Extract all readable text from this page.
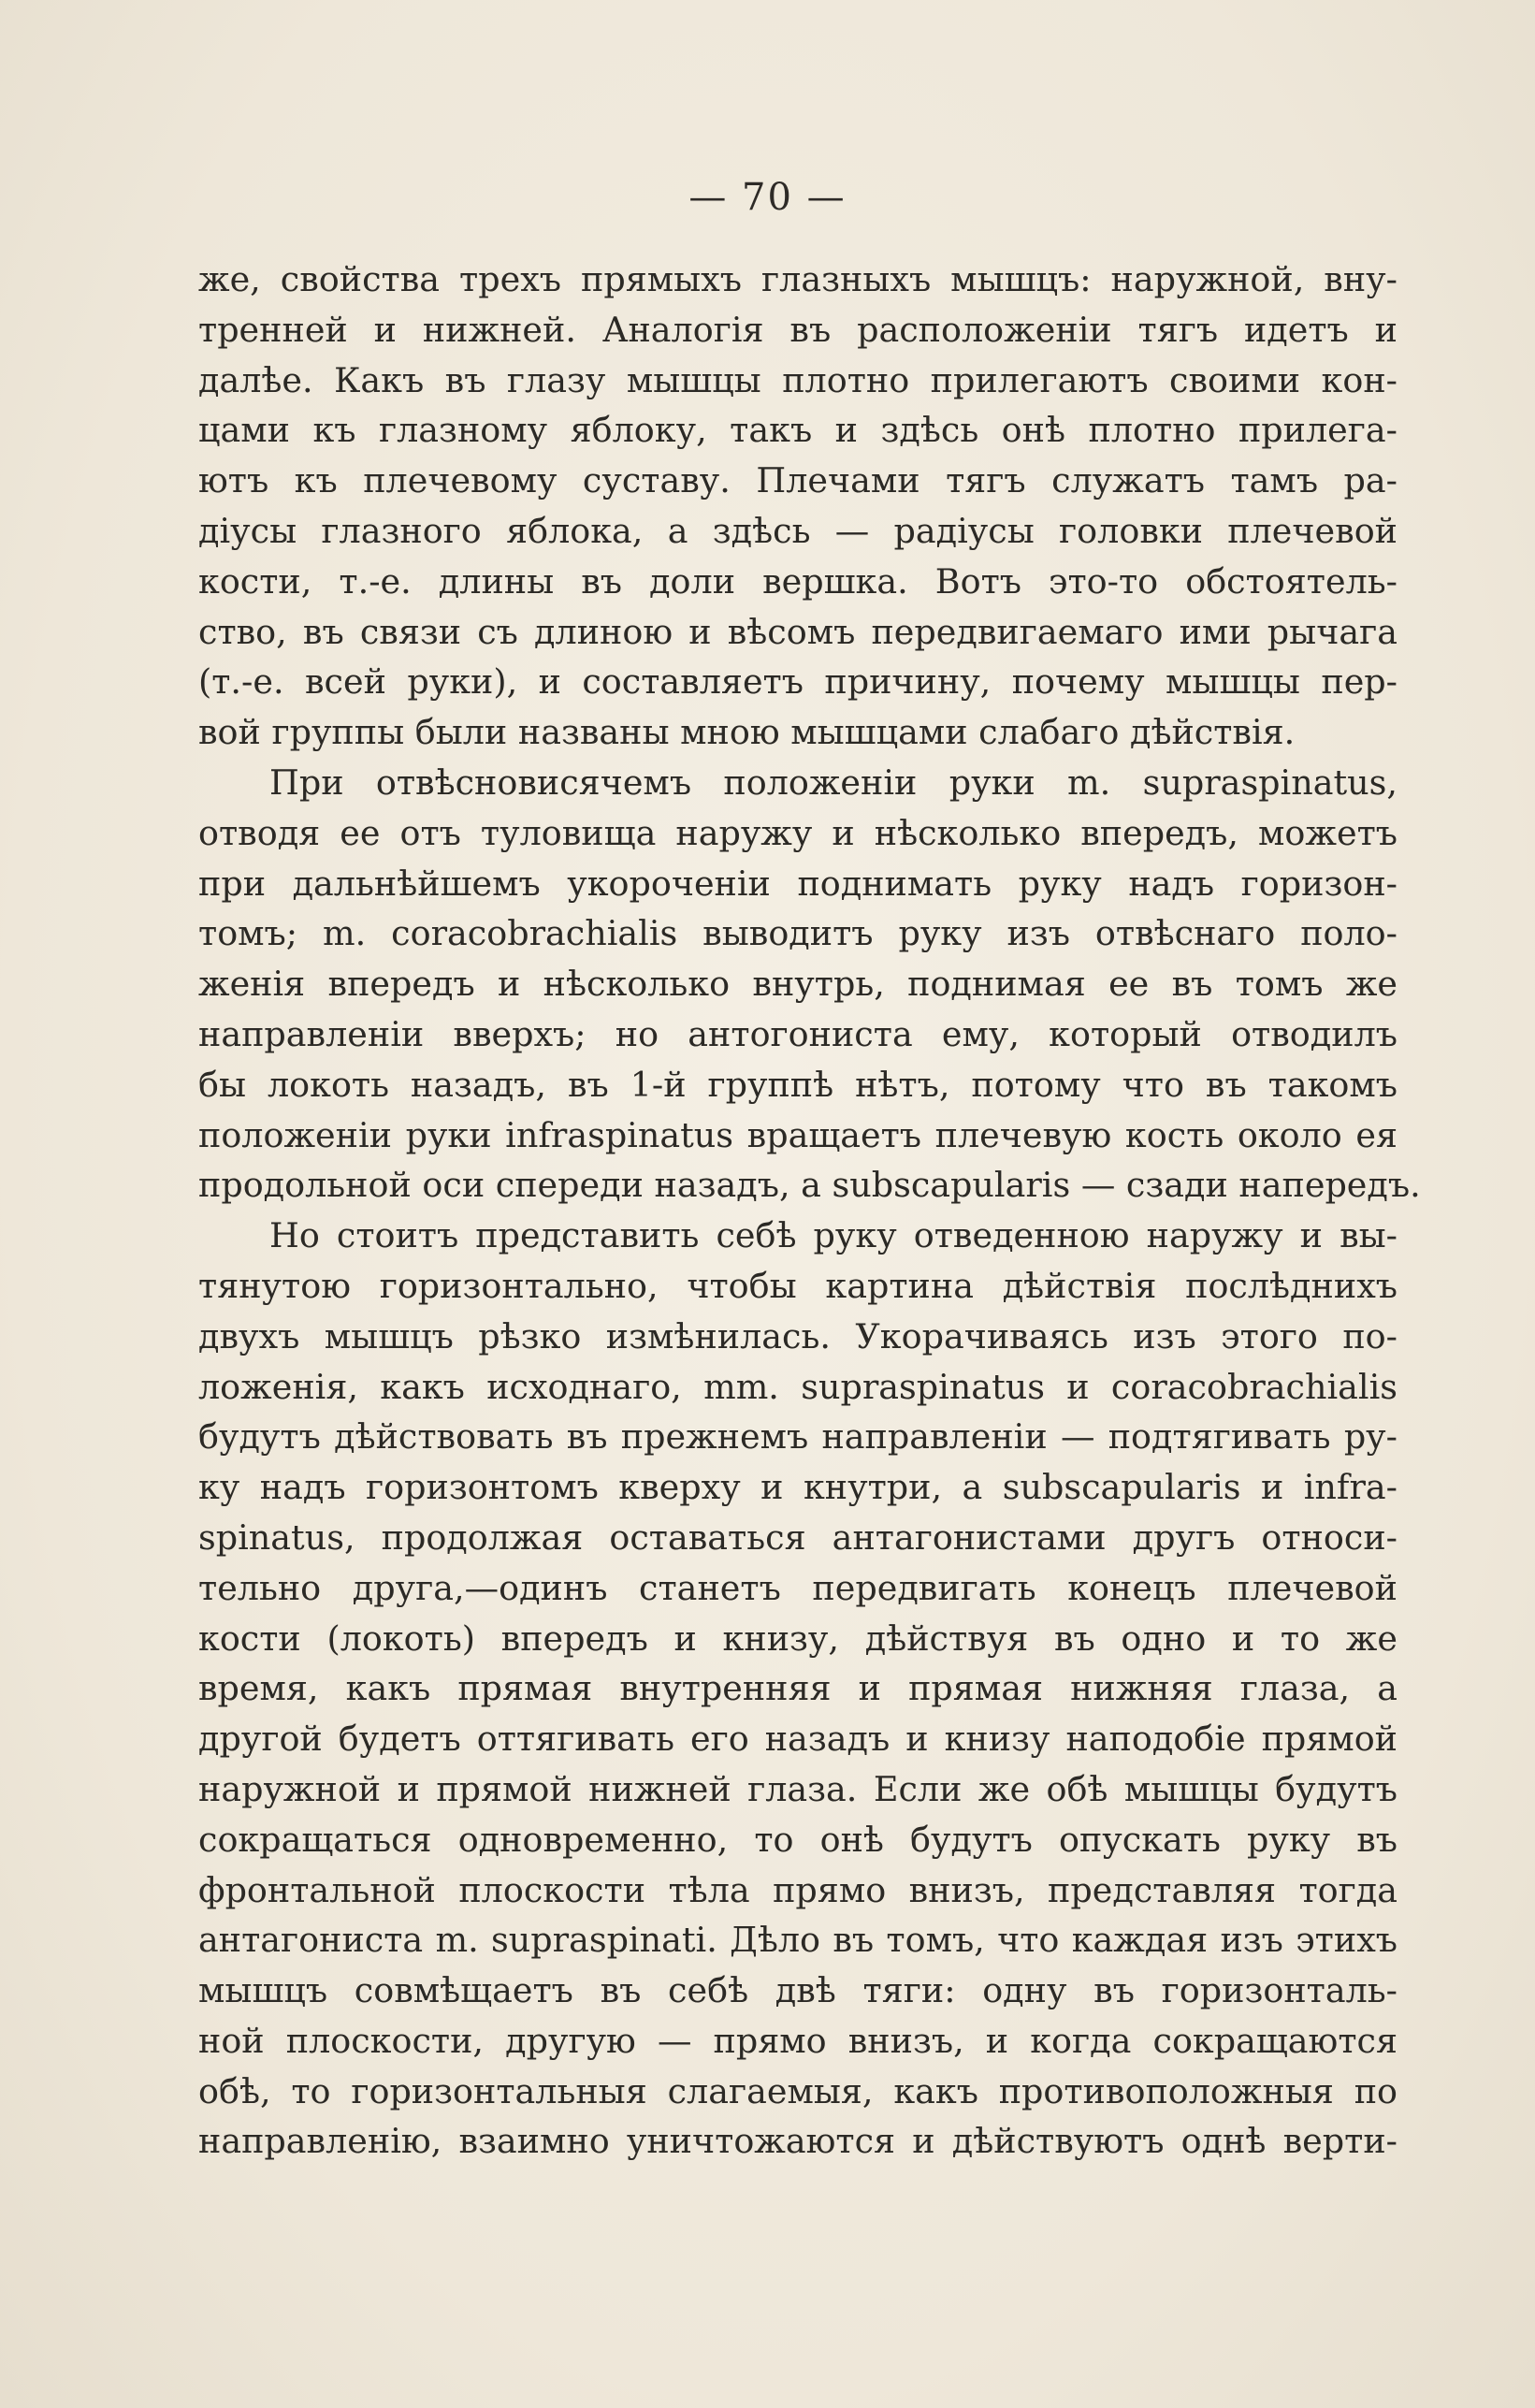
— 70 —
же, свойства трехъ прямыхъ глазныхъ мышцъ: наружной, вну-
тренней и нижней. Аналогія въ расположеніи тягъ идетъ и
далѣе. Какъ въ глазу мышцы плотно прилегаютъ своими кон-
цами къ глазному яблоку, такъ и здѣсь онѣ плотно прилега-
ютъ къ плечевому суставу. Плечами тягъ служатъ тамъ ра-
діусы глазного яблока, а здѣсь — радіусы головки плечевой
кости, т.-е. длины въ доли вершка. Вотъ это-то обстоятель-
ство, въ связи съ длиною и вѣсомъ передвигаемаго ими рычага
(т.-е. всей руки), и составляетъ причину, почему мышцы пер-
вой группы были названы мною мышцами слабаго дѣйствія.
При отвѣсновисячемъ положеніи руки m. supraspinatus,
отводя ее отъ туловища наружу и нѣсколько впередъ, можетъ
при дальнѣйшемъ укороченіи поднимать руку надъ горизон-
томъ; m. coracobrachialis выводитъ руку изъ отвѣснаго поло-
женія впередъ и нѣсколько внутрь, поднимая ее въ томъ же
направленіи вверхъ; но антогониста ему, который отводилъ
бы локоть назадъ, въ 1-й группѣ нѣтъ, потому что въ такомъ
положеніи руки infraspinatus вращаетъ плечевую кость около ея
продольной оси спереди назадъ, а subscapularis — сзади напередъ.
Но стоитъ представить себѣ руку отведенною наружу и вы-
тянутою горизонтально, чтобы картина дѣйствія послѣднихъ
двухъ мышцъ рѣзко измѣнилась. Укорачиваясь изъ этого по-
ложенія, какъ исходнаго, mm. supraspinatus и coracobrachialis
будутъ дѣйствовать въ прежнемъ направленіи — подтягивать ру-
ку надъ горизонтомъ кверху и кнутри, а subscapularis и infra-
spinatus, продолжая оставаться антагонистами другъ относи-
тельно друга,—одинъ станетъ передвигать конецъ плечевой
кости (локоть) впередъ и книзу, дѣйствуя въ одно и то же
время, какъ прямая внутренняя и прямая нижняя глаза, а
другой будетъ оттягивать его назадъ и книзу наподобіе прямой
наружной и прямой нижней глаза. Если же обѣ мышцы будутъ
сокращаться одновременно, то онѣ будутъ опускать руку въ
фронтальной плоскости тѣла прямо внизъ, представляя тогда
антагониста m. supraspinati. Дѣло въ томъ, что каждая изъ этихъ
мышцъ совмѣщаетъ въ себѣ двѣ тяги: одну въ горизонталь-
ной плоскости, другую — прямо внизъ, и когда сокращаются
обѣ, то горизонтальныя слагаемыя, какъ противоположныя по
направленію, взаимно уничтожаются и дѣйствуютъ однѣ верти-
